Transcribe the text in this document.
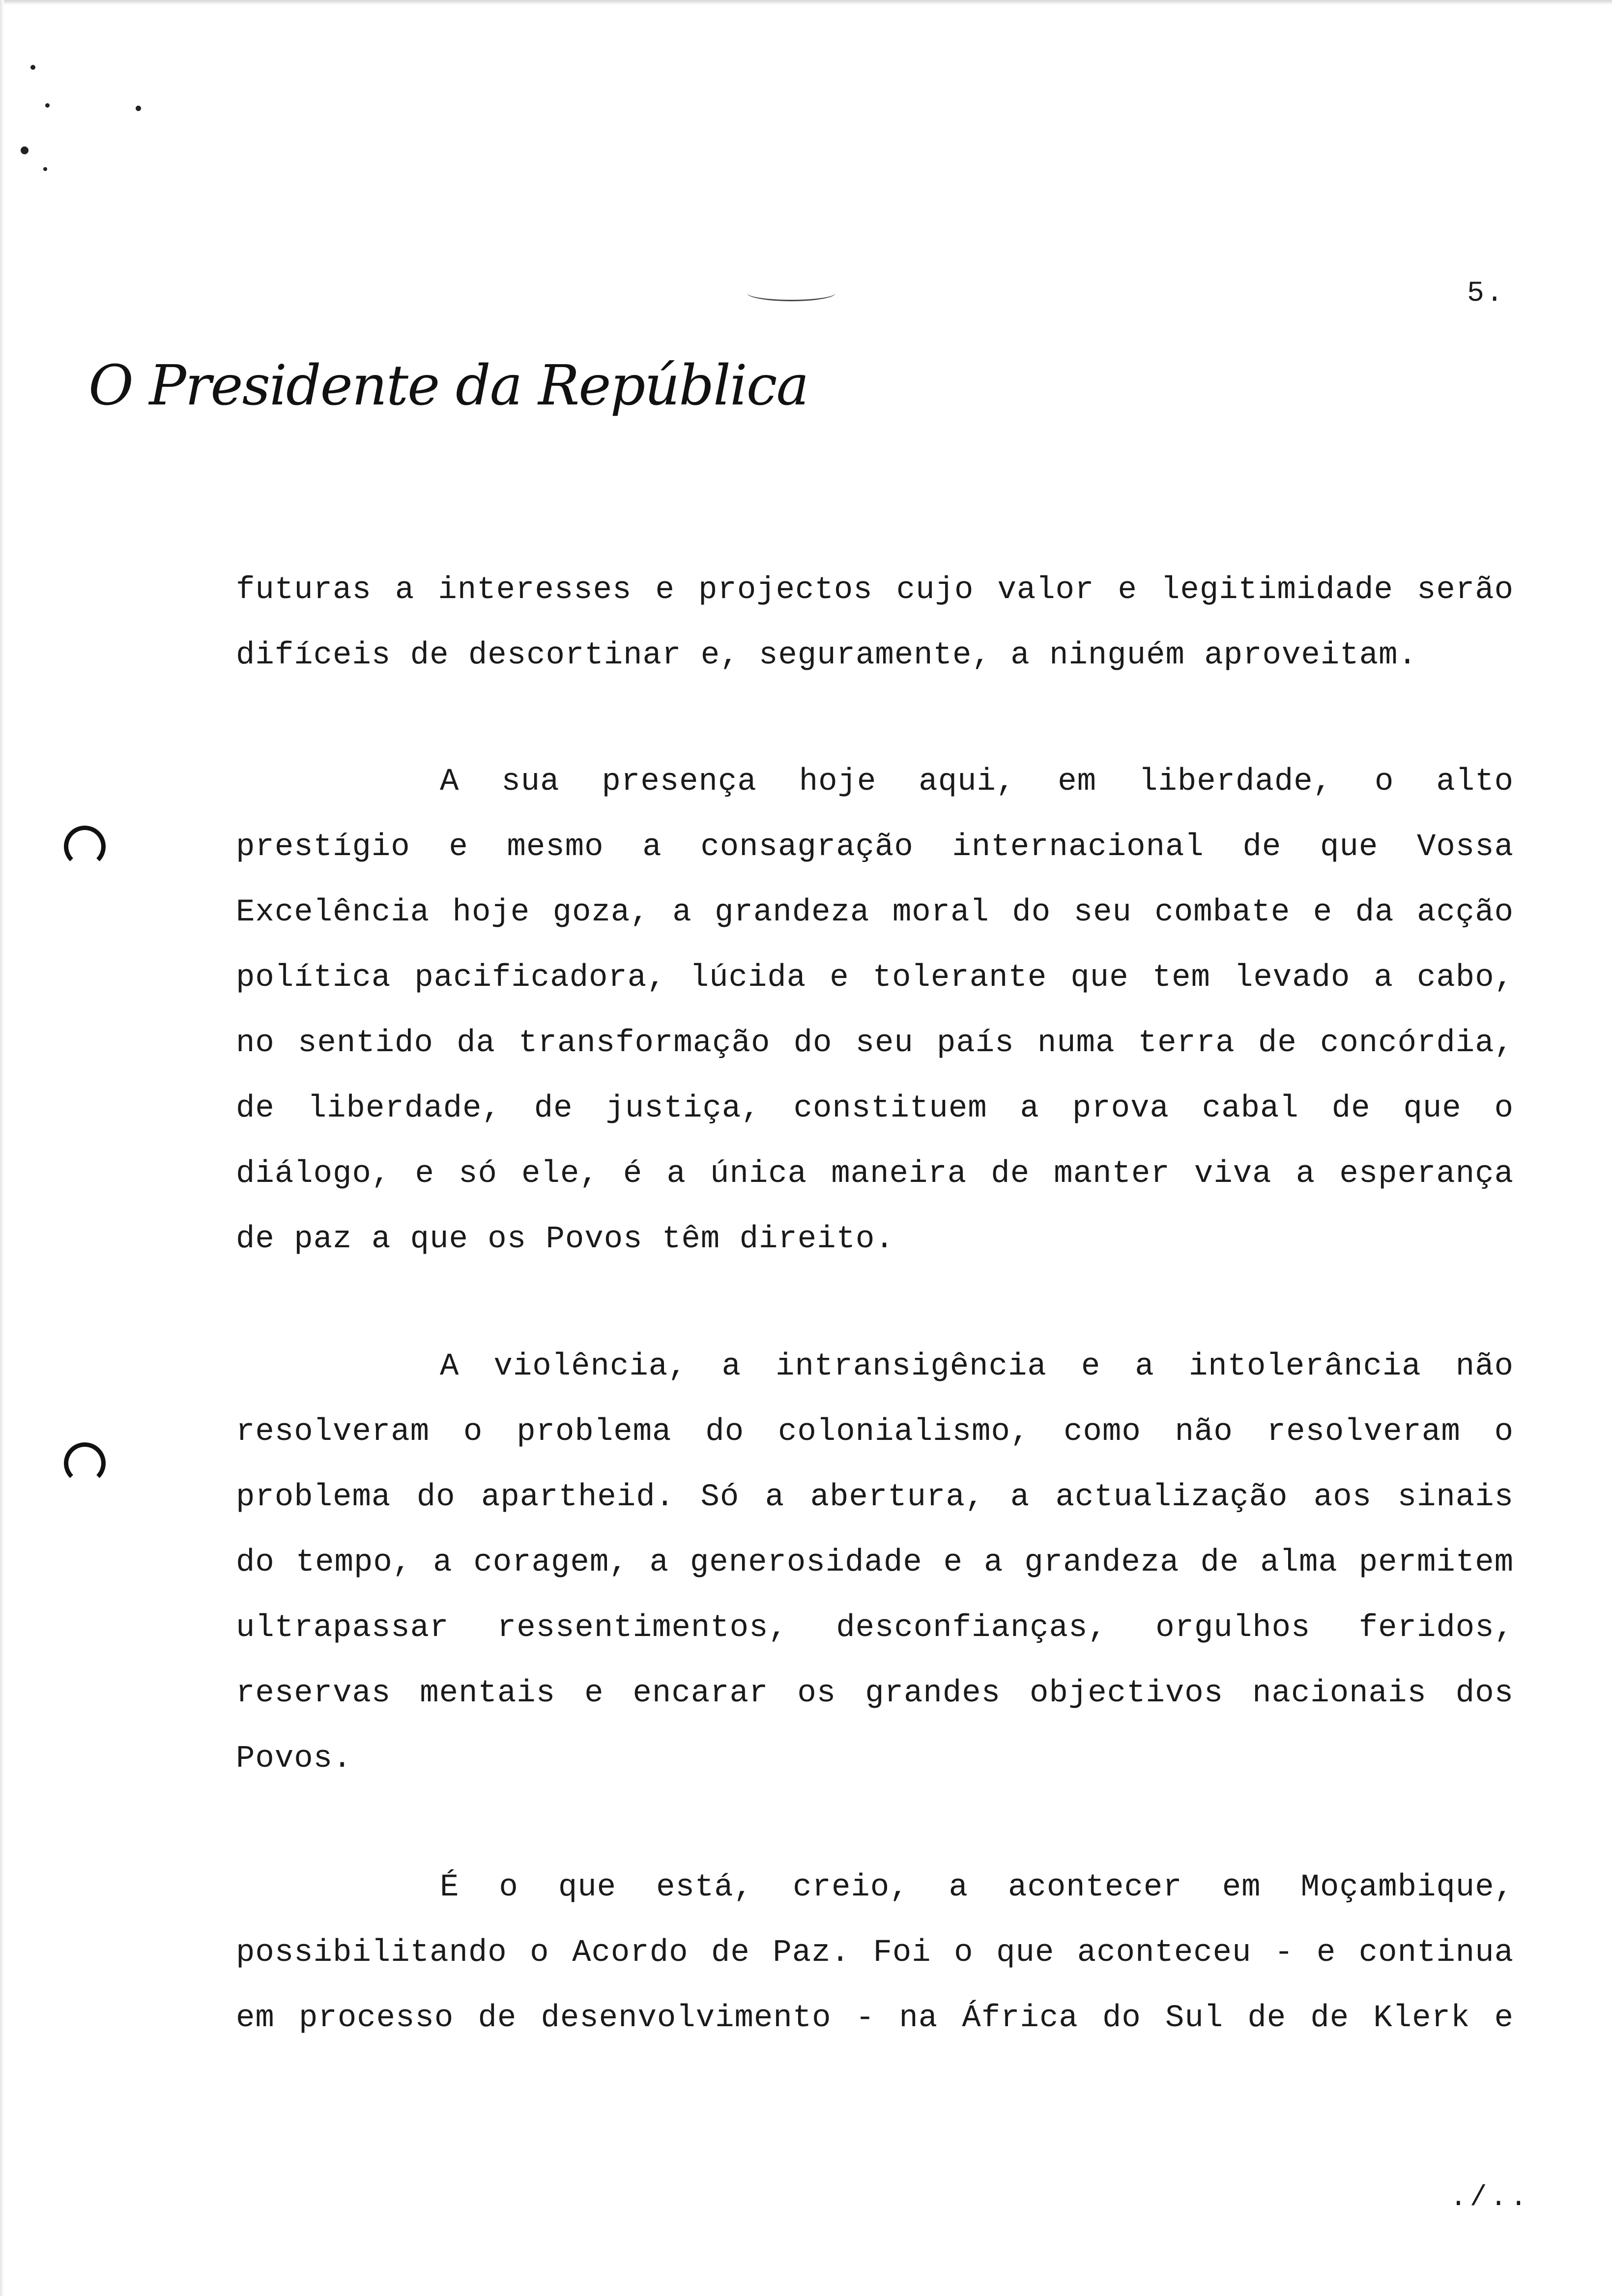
5.
O Presidente da República
futuras a interesses e projectos cujo valor e legitimidade serão
difíceis de descortinar e, seguramente, a ninguém aproveitam.
A sua presença hoje aqui, em liberdade, o alto
prestígio e mesmo a consagração internacional de que Vossa
Excelência hoje goza, a grandeza moral do seu combate e da acção
política pacificadora, lúcida e tolerante que tem levado a cabo,
no sentido da transformação do seu país numa terra de concórdia,
de liberdade, de justiça, constituem a prova cabal de que o
diálogo, e só ele, é a única maneira de manter viva a esperança
de paz a que os Povos têm direito.
A violência, a intransigência e a intolerância não
resolveram o problema do colonialismo, como não resolveram o
problema do apartheid. Só a abertura, a actualização aos sinais
do tempo, a coragem, a generosidade e a grandeza de alma permitem
ultrapassar ressentimentos, desconfianças, orgulhos feridos,
reservas mentais e encarar os grandes objectivos nacionais dos
Povos.
É o que está, creio, a acontecer em Moçambique,
possibilitando o Acordo de Paz. Foi o que aconteceu - e continua
em processo de desenvolvimento - na África do Sul de de Klerk e
./..
